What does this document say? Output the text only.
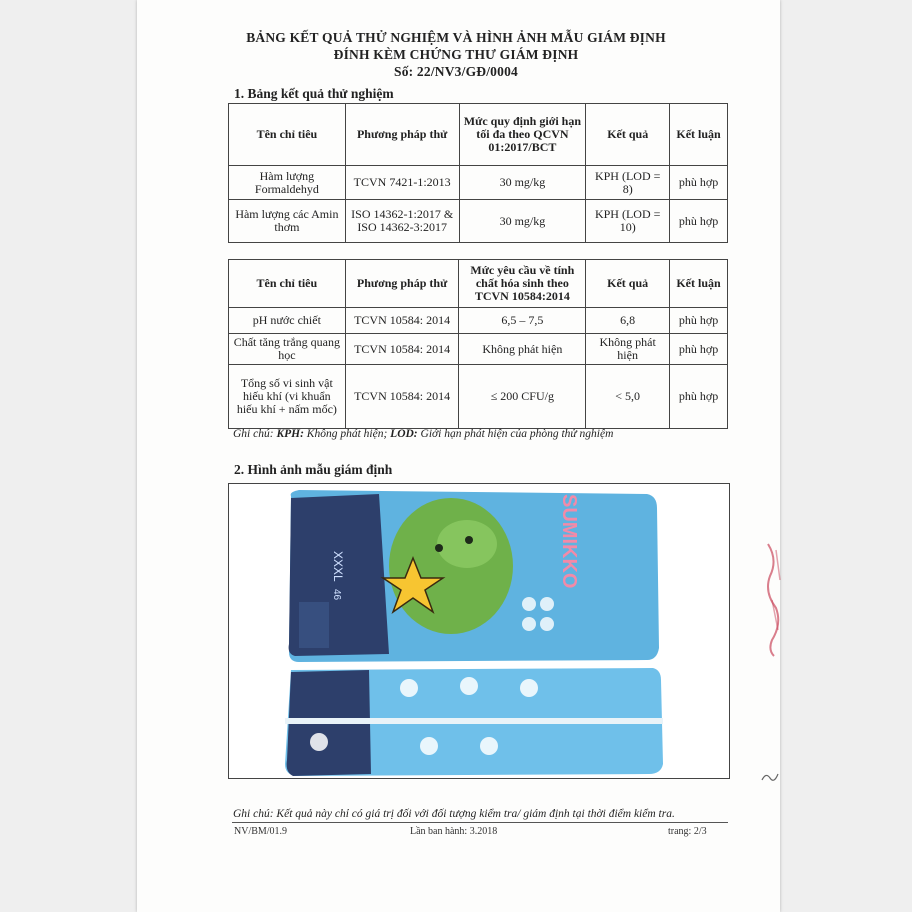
BẢNG KẾT QUẢ THỬ NGHIỆM VÀ HÌNH ẢNH MẪU GIÁM ĐỊNH
ĐÍNH KÈM CHỨNG THƯ GIÁM ĐỊNH
Số: 22/NV3/GĐ/0004
1. Bảng kết quả thử nghiệm
Tên chỉ tiêu	Phương pháp thử	Mức quy định giới hạn tối đa theo QCVN 01:2017/BCT	Kết quả	Kết luận
Hàm lượng Formaldehyd	TCVN 7421-1:2013	30 mg/kg	KPH (LOD = 8)	phù hợp
Hàm lượng các Amin thơm	ISO 14362-1:2017 & ISO 14362-3:2017	30 mg/kg	KPH (LOD = 10)	phù hợp
Tên chỉ tiêu	Phương pháp thử	Mức yêu cầu về tính chất hóa sinh theo TCVN 10584:2014	Kết quả	Kết luận
pH nước chiết	TCVN 10584: 2014	6,5 – 7,5	6,8	phù hợp
Chất tăng trắng quang học	TCVN 10584: 2014	Không phát hiện	Không phát hiện	phù hợp
Tổng số vi sinh vật hiếu khí (vi khuẩn hiếu khí + nấm mốc)	TCVN 10584: 2014	≤ 200 CFU/g	< 5,0	phù hợp
Ghi chú: KPH: Không phát hiện; LOD: Giới hạn phát hiện của phòng thử nghiệm
2. Hình ảnh mẫu giám định
XXXL
46
SUMIKKO
Ghi chú: Kết quả này chỉ có giá trị đối với đối tượng kiểm tra/ giám định tại thời điểm kiểm tra.
NV/BM/01.9	Lần ban hành: 3.2018	trang: 2/3
